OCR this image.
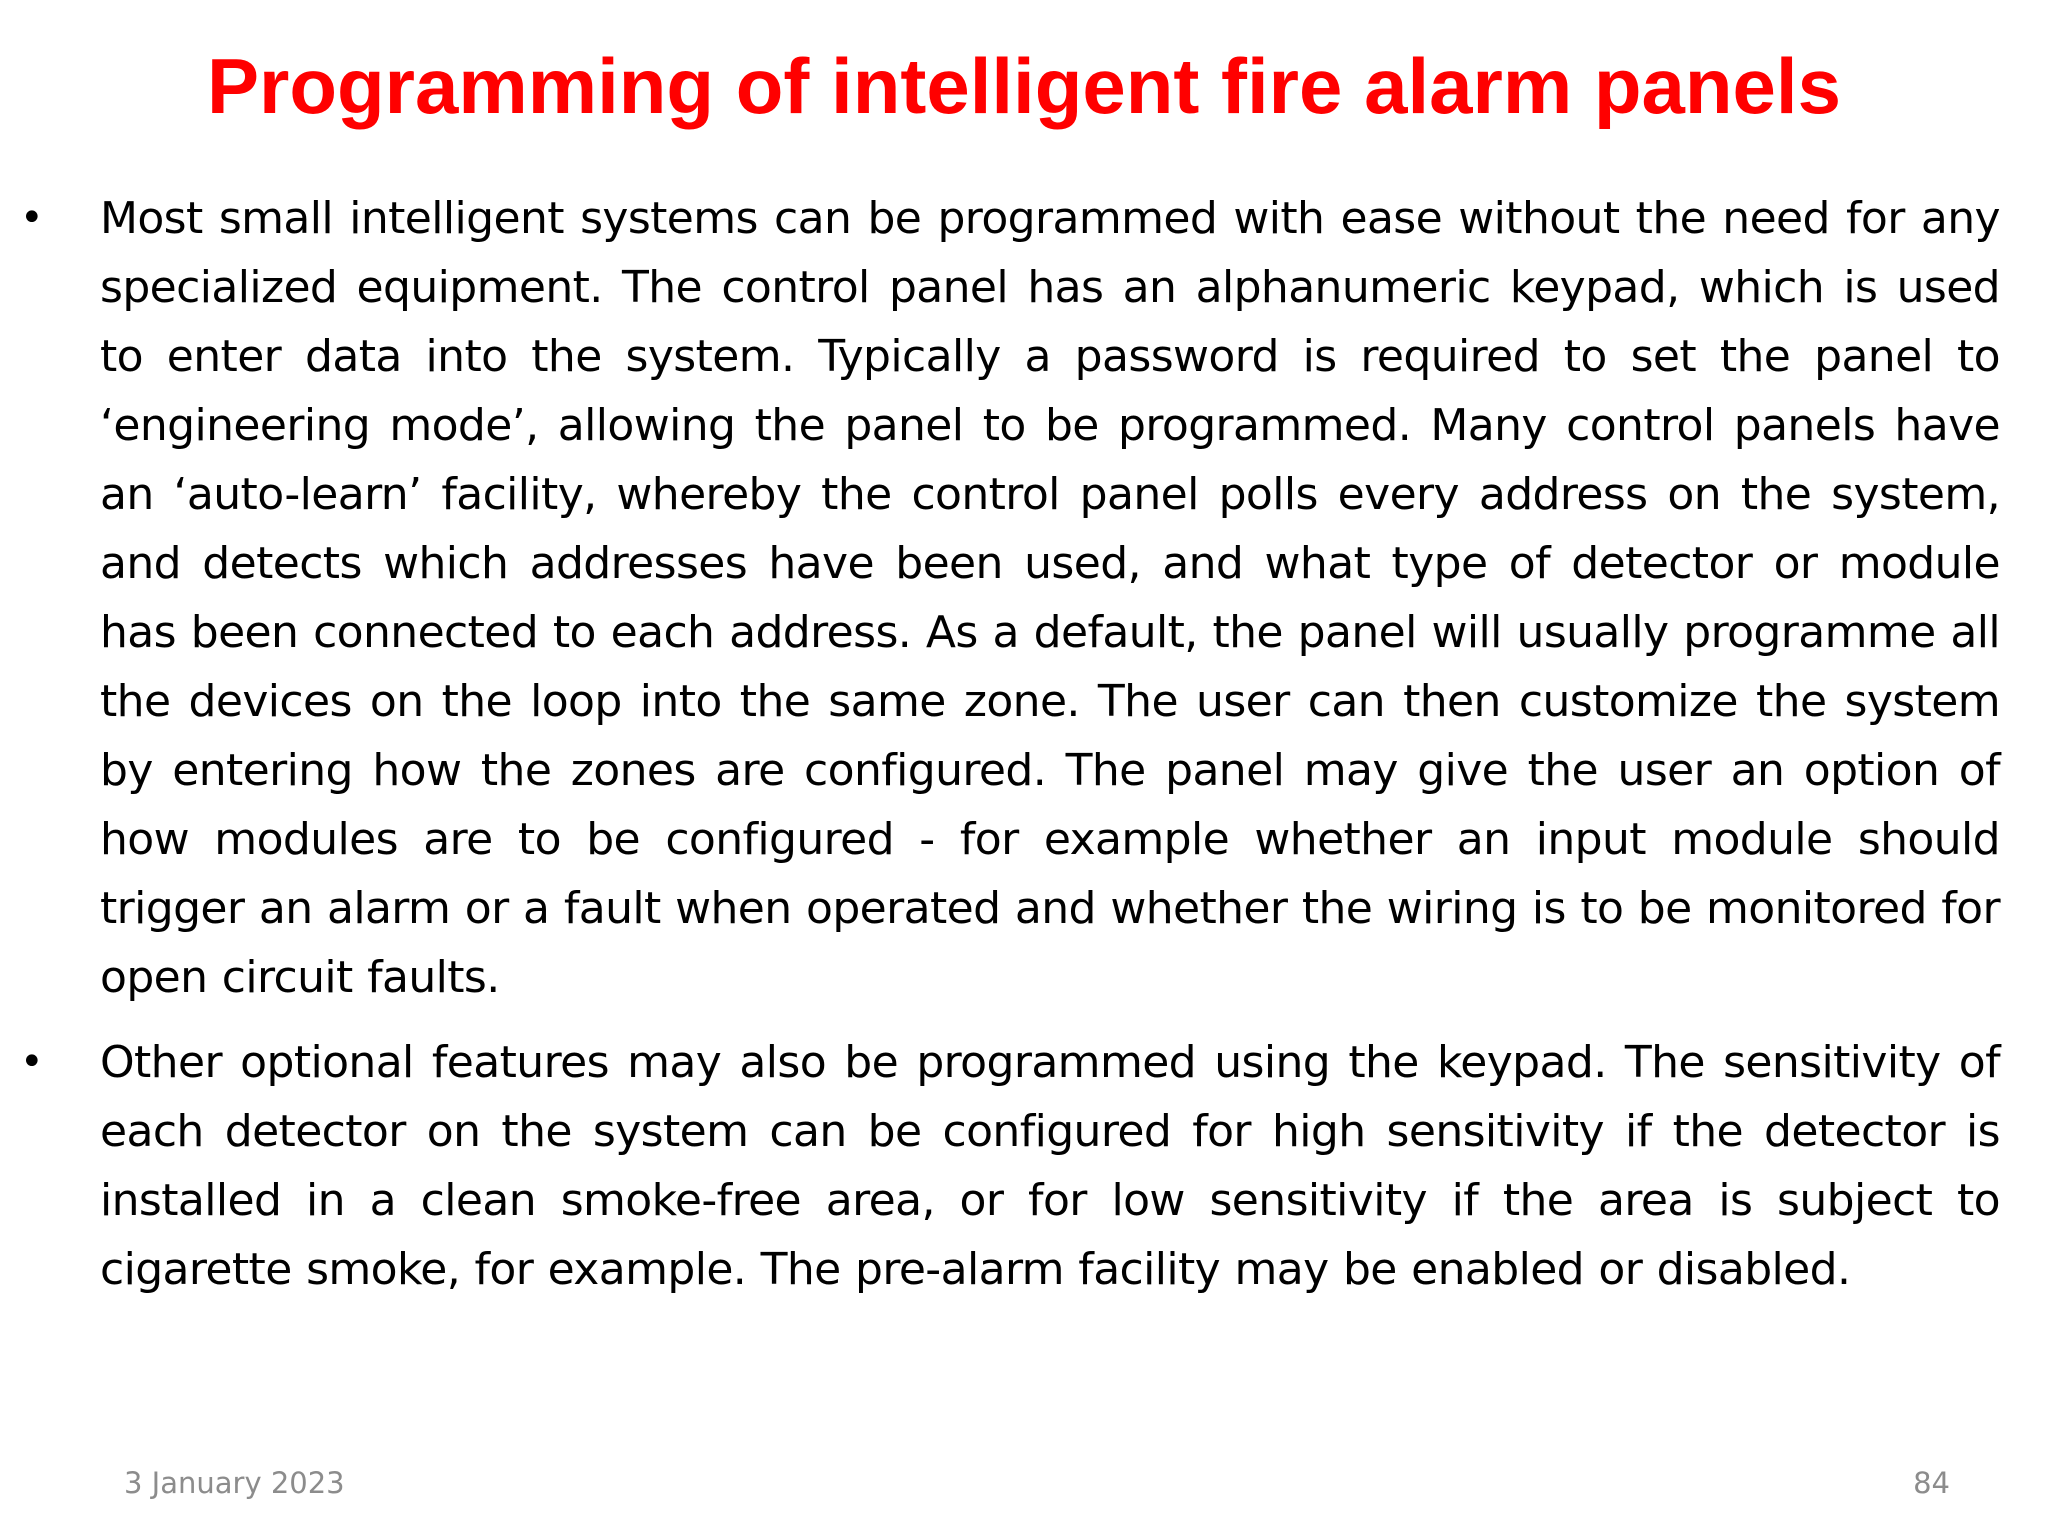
Programming of intelligent fire alarm panels
•	Most small intelligent systems can be programmed with ease without the need for any specialized equipment. The control panel has an alphanumeric keypad, which is used to enter data into the system. Typically a password is required to set the panel to ‘engineering mode’, allowing the panel to be programmed. Many control panels have an ‘auto-learn’ facility, whereby the control panel polls every address on the system, and detects which addresses have been used, and what type of detector or module has been connected to each address. As a default, the panel will usually programme all the devices on the loop into the same zone. The user can then customize the system by entering how the zones are configured. The panel may give the user an option of how modules are to be configured - for example whether an input module should trigger an alarm or a fault when operated and whether the wiring is to be monitored for open circuit faults.
•	Other optional features may also be programmed using the keypad. The sensitivity of each detector on the system can be configured for high sensitivity if the detector is installed in a clean smoke-free area, or for low sensitivity if the area is subject to cigarette smoke, for example. The pre-alarm facility may be enabled or disabled.
3 January 2023	84
